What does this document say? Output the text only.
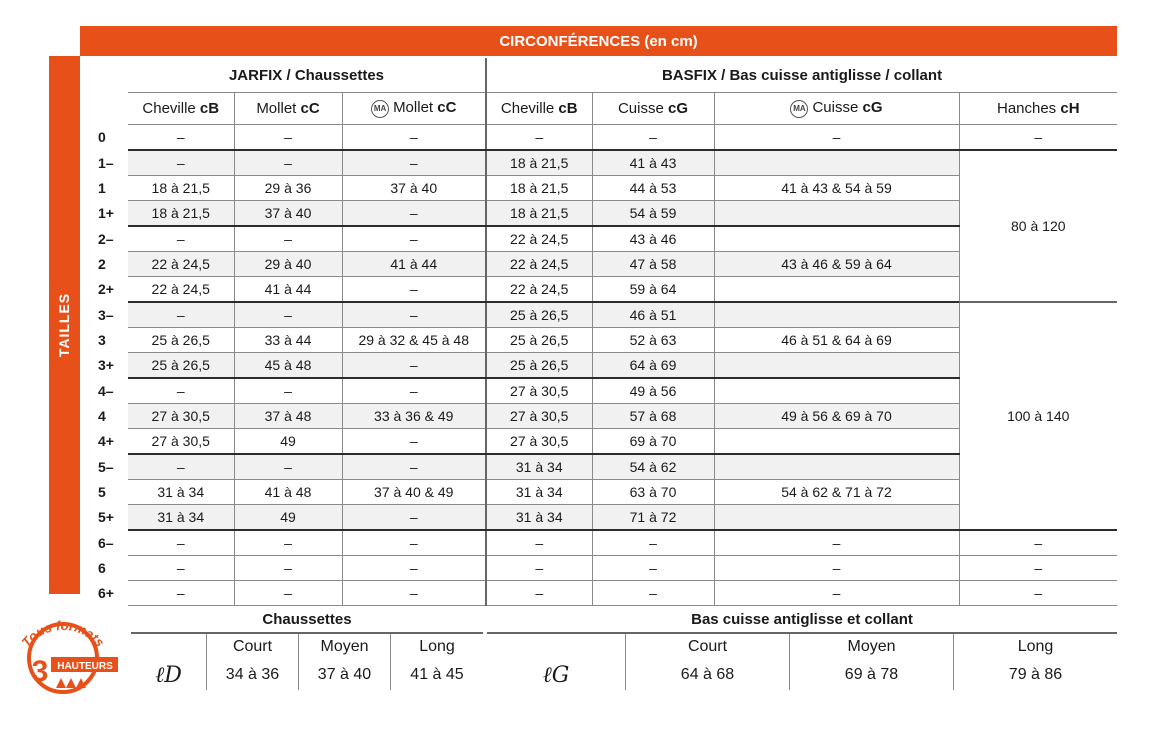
CIRCONFÉRENCES (en cm)
TAILLES
	JARFIX / Chaussettes			BASFIX / Bas cuisse antiglisse / collant			
	Cheville cB	Mollet cC	MA Mollet cC	Cheville cB	Cuisse cG	MA Cuisse cG	Hanches cH
0	–	–	–	–	–	–	–
1–	–	–	–	18 à 21,5	41 à 43		80 à 120
1	18 à 21,5	29 à 36	37 à 40	18 à 21,5	44 à 53	41 à 43 & 54 à 59	
1+	18 à 21,5	37 à 40	–	18 à 21,5	54 à 59		
2–	–	–	–	22 à 24,5	43 à 46		
2	22 à 24,5	29 à 40	41 à 44	22 à 24,5	47 à 58	43 à 46 & 59 à 64	
2+	22 à 24,5	41 à 44	–	22 à 24,5	59 à 64		
3–	–	–	–	25 à 26,5	46 à 51		100 à 140
3	25 à 26,5	33 à 44	29 à 32 & 45 à 48	25 à 26,5	52 à 63	46 à 51 & 64 à 69	
3+	25 à 26,5	45 à 48	–	25 à 26,5	64 à 69		
4–	–	–	–	27 à 30,5	49 à 56		
4	27 à 30,5	37 à 48	33 à 36 & 49	27 à 30,5	57 à 68	49 à 56 & 69 à 70	
4+	27 à 30,5	49	–	27 à 30,5	69 à 70		
5–	–	–	–	31 à 34	54 à 62		
5	31 à 34	41 à 48	37 à 40 & 49	31 à 34	63 à 70	54 à 62 & 71 à 72	
5+	31 à 34	49	–	31 à 34	71 à 72		
6–	–	–	–	–	–	–	–
6	–	–	–	–	–	–	–
6+	–	–	–	–	–	–	–
Tous formats
3 HAUTEURS
Chaussettes
ℓD
Court	Moyen	Long
34 à 36	37 à 40	41 à 45
Bas cuisse antiglisse et collant
ℓG
Court	Moyen	Long
64 à 68	69 à 78	79 à 86
